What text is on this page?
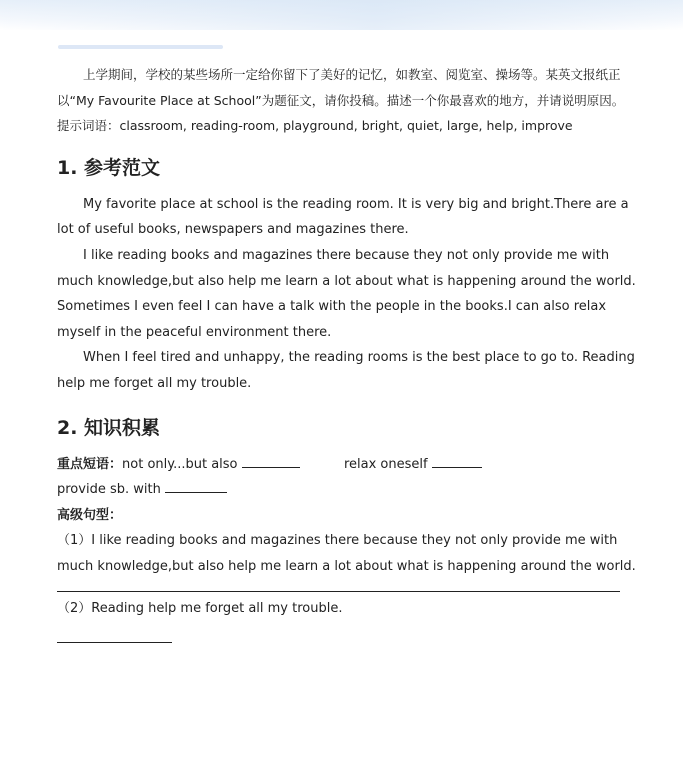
上学期间，学校的某些场所一定给你留下了美好的记忆，如教室、阅览室、操场等。某英文报纸正以“My Favourite Place at School”为题征文，请你投稿。描述一个你最喜欢的地方，并请说明原因。

提示词语：classroom, reading-room, playground, bright, quiet, large, help, improve

1. 参考范文

My favorite place at school is the reading room. It is very big and bright.There are a lot of useful books, newspapers and magazines there.

I like reading books and magazines there because they not only provide me with much knowledge,but also help me learn a lot about what is happening around the world. Sometimes I even feel I can have a talk with the people in the books.I can also relax myself in the peaceful environment there.

When I feel tired and unhappy, the reading rooms is the best place to go to. Reading help me forget all my trouble.

2. 知识积累

重点短语：not only...but also	relax oneself

provide sb. with

高级句型：

（1）I like reading books and magazines there because they not only provide me with much knowledge,but also help me learn a lot about what is happening around the world.

（2）Reading help me forget all my trouble.
